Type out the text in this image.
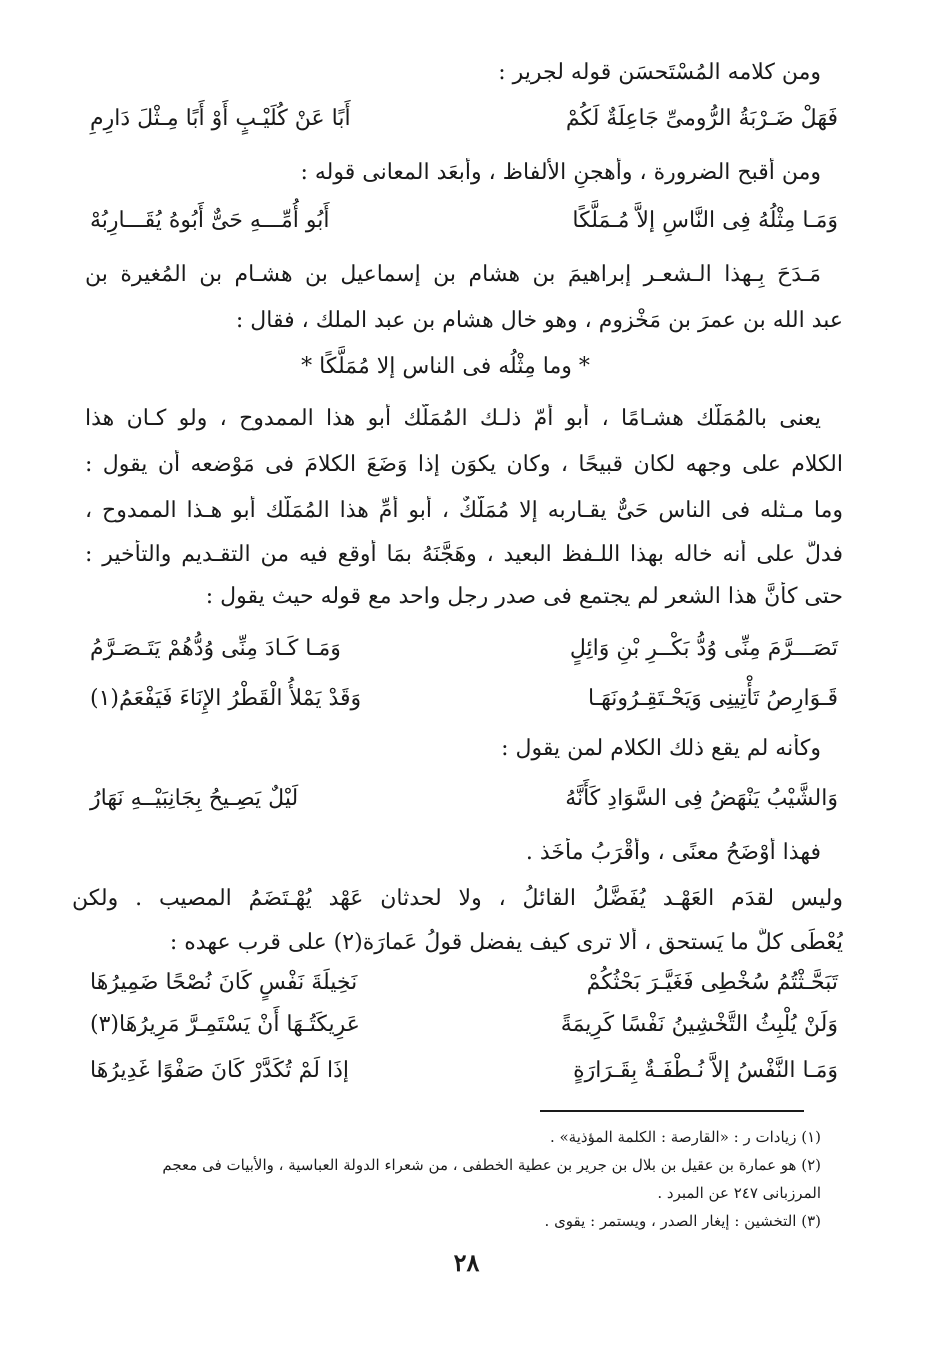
ومن كلامه المُسْتَحسَن قوله لجرير :
فَهَلْ ضَـرْبَةُ الرُّومىِّ جَاعِلَةٌ لَكُمْ
أَبًا عَنْ كُلَيْـبٍ أَوْ أَبًا مِـثْلَ دَارِمِ
ومن أقبح الضرورة ، وأهجنِ الألفاظ ، وأبعَد المعانى قوله :
وَمَـا مِثْلُهُ فِى النَّاسِ إلاَّ مُـمَلَّكًا
أَبُو أُمِّـــهِ حَىٌّ أَبُوهُ يُقَـــارِبُهْ
مَـدَحَ بِـهذا الـشعـر إبراهيمَ بن هشام بن إسماعيل بن هشـام بن المُغيرة بن
عبد الله بن عمرَ بن مَخْزوم ، وهو خال هشام بن عبد الملك ، فقال :
* وما مِثْلُه فى الناس إلا مُمَلَّكًا *
يعنى بالمُمَلَّك هشـامًا ، أبو أمّ ذلـك المُمَلَّك أبو هذا الممدوح ، ولو كـان هذا
الكلام على وجهه لكان قبيحًا ، وكان يكوَن إذا وَضَعَ الكلامَ فى مَوْضعه أن يقول :
وما مـثله فى الناس حَىٌّ يقـاربه إلا مُمَلَّكٌ ، أبو أمِّ هذا المُمَلَّك أبو هـذا الممدوح ،
فدلَّ على أنه خاله بهذا اللـفظ البعيد ، وهَجَّنَهُ بمَا أوقع فيه من التقـديم والتأخير :
حتى كأنَّ هذا الشعر لم يجتمع فى صدر رجل واحد مع قوله حيث يقول :
تَصَـــرَّمَ مِنِّى وُدُّ بَكْــرِ بْنِ وَائِلٍ
وَمَـا كَـادَ مِنِّى وُدُّهُمْ يَتَـصَـرَّمُ
قَـوَارِصُ تَأْتِينِى وَيَحْـتَقِـرُونَهَـا
وَقَدْ يَمْلأُ الْقَطْرُ الإِنَاءَ فَيَفْعَمُ(١)
وكأنه لم يقع ذلك الكلام لمن يقول :
وَالشَّيْبُ يَنْهَضُ فِى السَّوَادِ كَأَنَّهُ
لَيْلٌ يَصِـيحُ بِجَانِبَيْــهِ نَهَارُ
فهذا أوْضَحُ معنًى ، وأَقْرَبُ مأْخَذ .
وليس لقدَم العَهْـد يُفَضَّلُ القائلُ ، ولا لحدثان عَهْد يُهْـتَضَمُ المصيب . ولكن
يُعْطَى كلٌّ ما يَستحق ، ألا ترى كيف يفضل قولُ عَمارَة(٢) على قرب عهده :
تَبَحَّـثْتُمُ سُخْطِى فَغَيَّـرَ بَحْثُكُمْ
نَخِيلَةَ نَفْسٍ كَانَ نُصْحًا ضَمِيرُهَا
وَلَنْ يُلْبِثُ التَّخْشِينُ نَفْسًا كَرِيمَةً
عَرِيكَتُـهَا أَنْ يَسْتَمِـرَّ مَرِيرُهَا(٣)
وَمَـا النَّفْسُ إلاَّ نُـطْفَـةٌ بِقَـرَارَةٍ
إذَا لَمْ تُكَدَّرْ كَانَ صَفْوًا غَدِيرُهَا
(١) زيادات ر : «القارصة : الكلمة المؤذية» .
(٢) هو عمارة بن عقيل بن بلال بن جرير بن عطية الخطفى ، من شعراء الدولة العباسية ، والأبيات فى معجم
المرزبانى ٢٤٧ عن المبرد .
(٣) التخشين : إيغار الصدر ، ويستمر : يقوى .
٢٨
